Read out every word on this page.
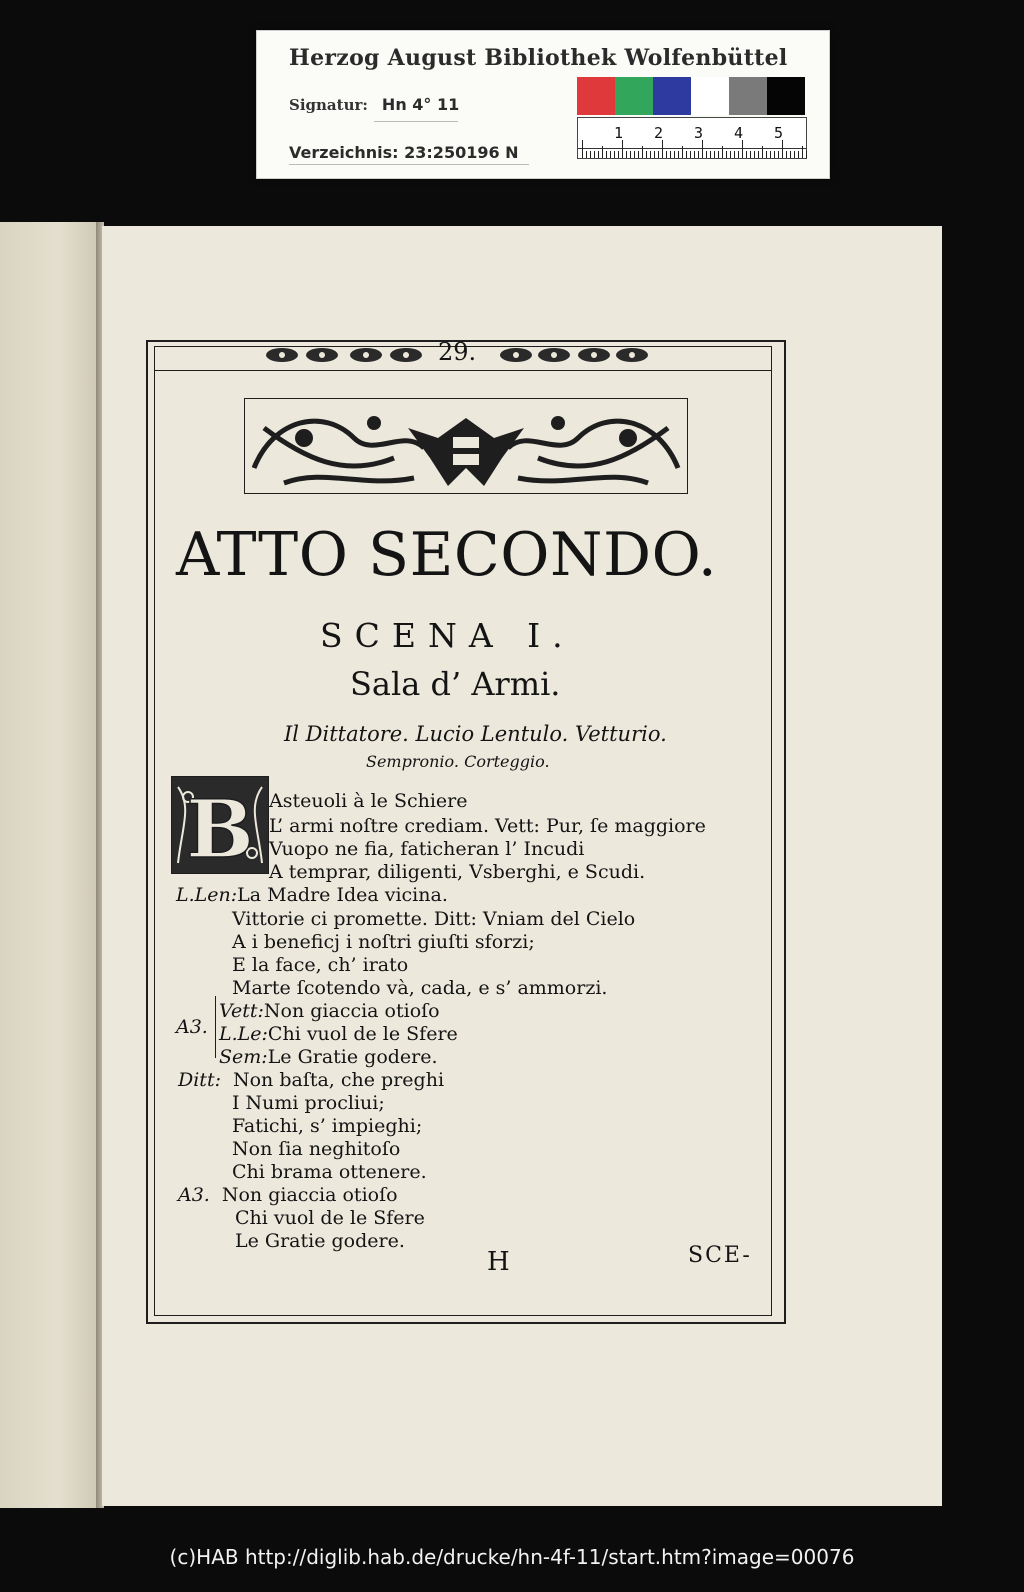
Herzog August Bibliothek Wolfenbüttel
Signatur: Hn 4° 11
Verzeichnis: 23:250196 N
1 2 3 4 5
29.
ATTO SECONDO.
SCENA I.
Sala d’ Armi.
Il Dittatore. Lucio Lentulo. Vetturio.
Sempronio. Corteggio.
B Asteuoli à le Schiere
L’ armi noſtre crediam. Vett: Pur, ſe maggiore
Vuopo ne fia, faticheran l’ Incudi
A temprar, diligenti, Vsberghi, e Scudi.
L.Len:La Madre Idea vicina.
Vittorie ci promette. Ditt: Vniam del Cielo
A i beneficj i noſtri giuſti sforzi;
E la face, ch’ irato
Marte ſcotendo và, cada, e s’ ammorzi.
Vett:Non giaccia otioſo
L.Le:Chi vuol de le Sfere
Sem:Le Gratie godere.
Ditt: Non baſta, che preghi
I Numi procliui;
Fatichi, s’ impieghi;
Non ſia neghitoſo
Chi brama ottenere.
A3. Non giaccia otioſo
Chi vuol de le Sfere
Le Gratie godere.
A3.
H	SCE-
(c)HAB http://diglib.hab.de/drucke/hn-4f-11/start.htm?image=00076
